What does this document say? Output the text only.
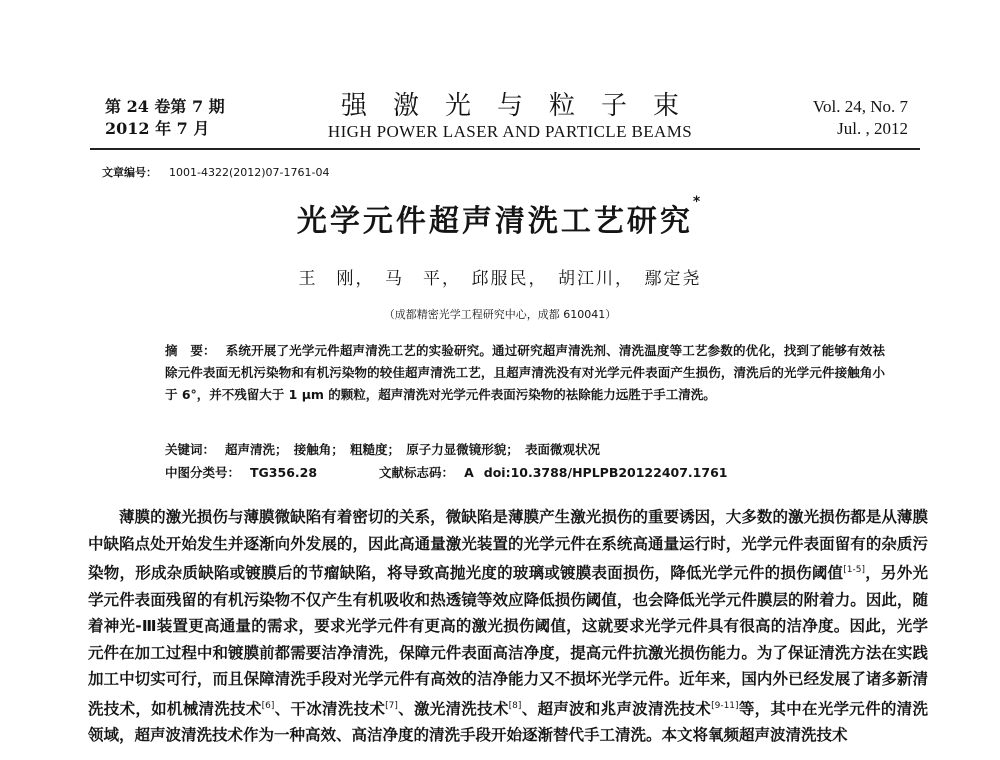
第 24 卷第 7 期
2012 年 7 月
强激光与粒子束
HIGH POWER LASER AND PARTICLE BEAMS
Vol. 24, No. 7
Jul. , 2012
文章编号： 1001-4322(2012)07-1761-04
光学元件超声清洗工艺研究*
王　刚，　马　平，　邱服民，　胡江川，　鄢定尧
（成都精密光学工程研究中心，成都 610041）
摘　要： 系统开展了光学元件超声清洗工艺的实验研究。通过研究超声清洗剂、清洗温度等工艺参数的优化，找到了能够有效祛除元件表面无机污染物和有机污染物的较佳超声清洗工艺，且超声清洗没有对光学元件表面产生损伤，清洗后的光学元件接触角小于 6°，并不残留大于 1 μm 的颗粒，超声清洗对光学元件表面污染物的祛除能力远胜于手工清洗。
关键词： 超声清洗；　接触角；　粗糙度；　原子力显微镜形貌；　表面微观状况
中图分类号： TG356.28	文献标志码： A doi:10.3788/HPLPB20122407.1761
薄膜的激光损伤与薄膜微缺陷有着密切的关系，微缺陷是薄膜产生激光损伤的重要诱因，大多数的激光损伤都是从薄膜中缺陷点处开始发生并逐渐向外发展的，因此高通量激光装置的光学元件在系统高通量运行时，光学元件表面留有的杂质污染物，形成杂质缺陷或镀膜后的节瘤缺陷，将导致高抛光度的玻璃或镀膜表面损伤，降低光学元件的损伤阈值[1-5]，另外光学元件表面残留的有机污染物不仅产生有机吸收和热透镜等效应降低损伤阈值，也会降低光学元件膜层的附着力。因此，随着神光-Ⅲ装置更高通量的需求，要求光学元件有更高的激光损伤阈值，这就要求光学元件具有很高的洁净度。因此，光学元件在加工过程中和镀膜前都需要洁净清洗，保障元件表面高洁净度，提高元件抗激光损伤能力。为了保证清洗方法在实践加工中切实可行，而且保障清洗手段对光学元件有高效的洁净能力又不损坏光学元件。近年来，国内外已经发展了诸多新清洗技术，如机械清洗技术[6]、干冰清洗技术[7]、激光清洗技术[8]、超声波和兆声波清洗技术[9-11]等，其中在光学元件的清洗领域，超声波清洗技术作为一种高效、高洁净度的清洗手段开始逐渐替代手工清洗。本文将氧频超声波清洗技术
